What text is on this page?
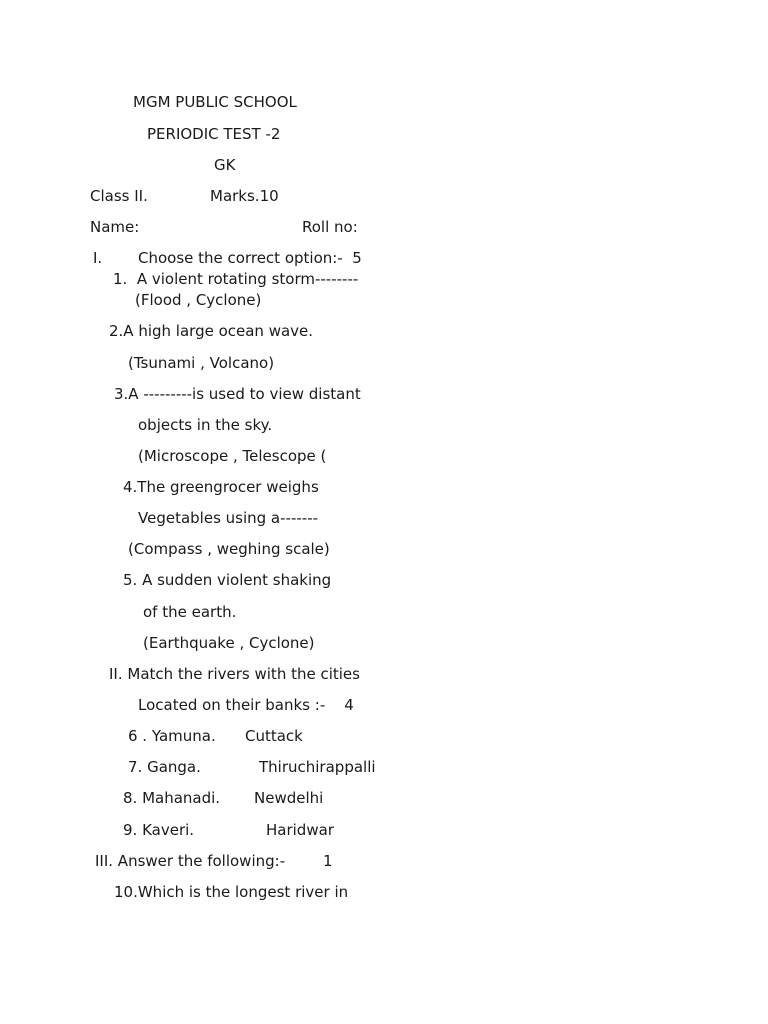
MGM PUBLIC SCHOOL
PERIODIC TEST -2
GK
Class II.	Marks.10
Name:	Roll no:
I. Choose the correct option:-  5
1.  A violent rotating storm--------
(Flood , Cyclone)
2.A high large ocean wave.
(Tsunami , Volcano)
3.A ---------is used to view distant
objects in the sky.
(Microscope , Telescope (
4.The greengrocer weighs
Vegetables using a-------
(Compass , weghing scale)
5. A sudden violent shaking
of the earth.
(Earthquake , Cyclone)
II. Match the rivers with the cities
Located on their banks :-    4
6 . Yamuna. Cuttack
7. Ganga.	Thiruchirappalli
8. Mahanadi. Newdelhi
9. Kaveri.	Haridwar
III. Answer the following:-	1
10.Which is the longest river in
